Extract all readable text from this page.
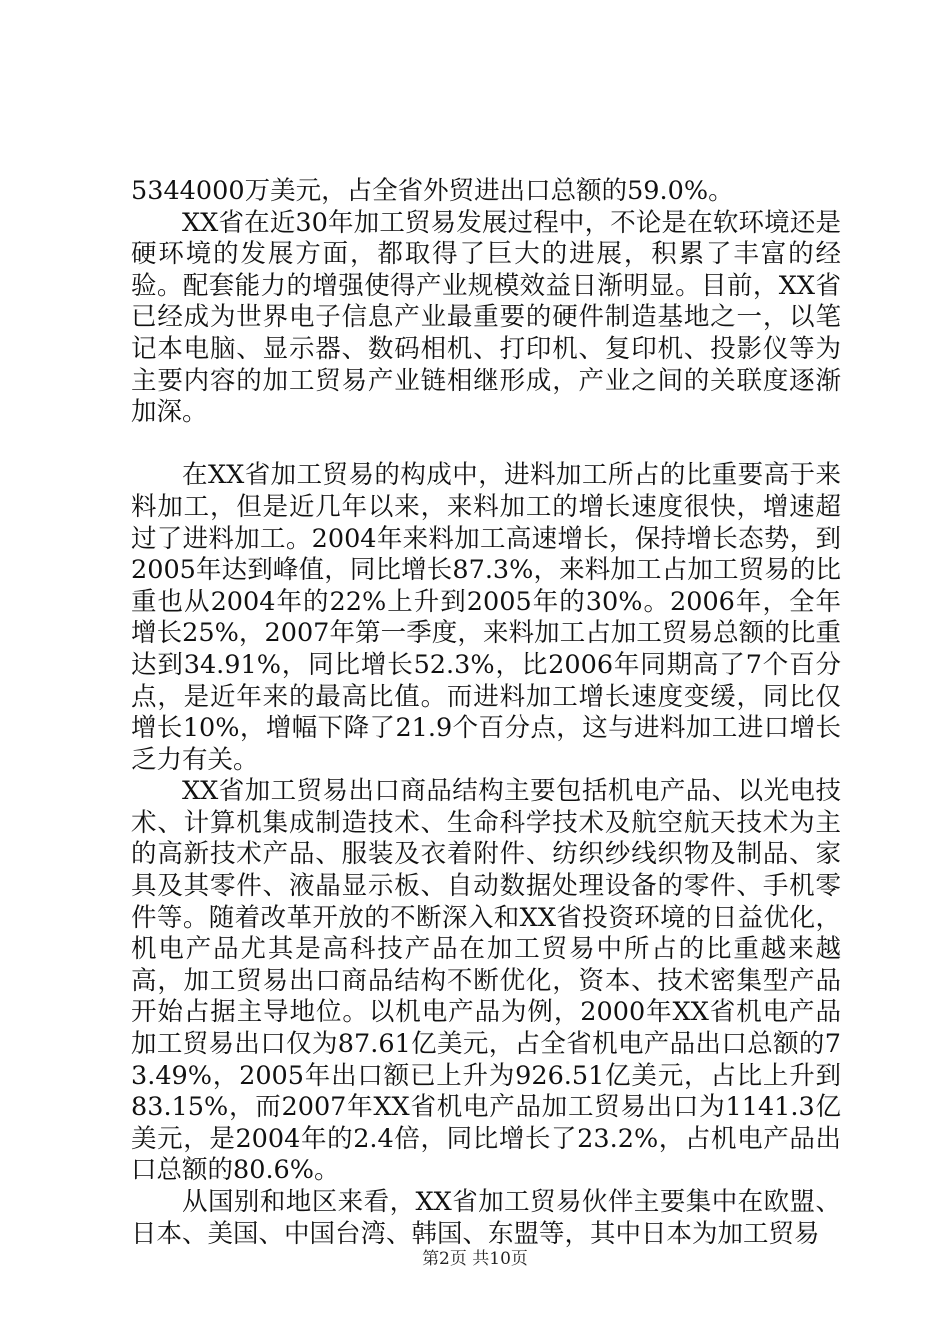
5344000万美元，占全省外贸进出口总额的59.0%。

XX省在近30年加工贸易发展过程中，不论是在软环境还是硬环境的发展方面，都取得了巨大的进展，积累了丰富的经验。配套能力的增强使得产业规模效益日渐明显。目前，XX省已经成为世界电子信息产业最重要的硬件制造基地之一，以笔记本电脑、显示器、数码相机、打印机、复印机、投影仪等为主要内容的加工贸易产业链相继形成，产业之间的关联度逐渐加深。

在XX省加工贸易的构成中，进料加工所占的比重要高于来料加工，但是近几年以来，来料加工的增长速度很快，增速超过了进料加工。2004年来料加工高速增长，保持增长态势，到2005年达到峰值，同比增长87.3%，来料加工占加工贸易的比重也从2004年的22%上升到2005年的30%。2006年，全年增长25%，2007年第一季度，来料加工占加工贸易总额的比重达到34.91%，同比增长52.3%，比2006年同期高了7个百分点，是近年来的最高比值。而进料加工增长速度变缓，同比仅增长10%，增幅下降了21.9个百分点，这与进料加工进口增长乏力有关。

XX省加工贸易出口商品结构主要包括机电产品、以光电技术、计算机集成制造技术、生命科学技术及航空航天技术为主的高新技术产品、服装及衣着附件、纺织纱线织物及制品、家具及其零件、液晶显示板、自动数据处理设备的零件、手机零件等。随着改革开放的不断深入和XX省投资环境的日益优化，机电产品尤其是高科技产品在加工贸易中所占的比重越来越高，加工贸易出口商品结构不断优化，资本、技术密集型产品开始占据主导地位。以机电产品为例，2000年XX省机电产品加工贸易出口仅为87.61亿美元，占全省机电产品出口总额的73.49%，2005年出口额已上升为926.51亿美元，占比上升到83.15%，而2007年XX省机电产品加工贸易出口为1141.3亿美元，是2004年的2.4倍，同比增长了23.2%，占机电产品出口总额的80.6%。

从国别和地区来看，XX省加工贸易伙伴主要集中在欧盟、日本、美国、中国台湾、韩国、东盟等，其中日本为加工贸易

第2页 共10页
